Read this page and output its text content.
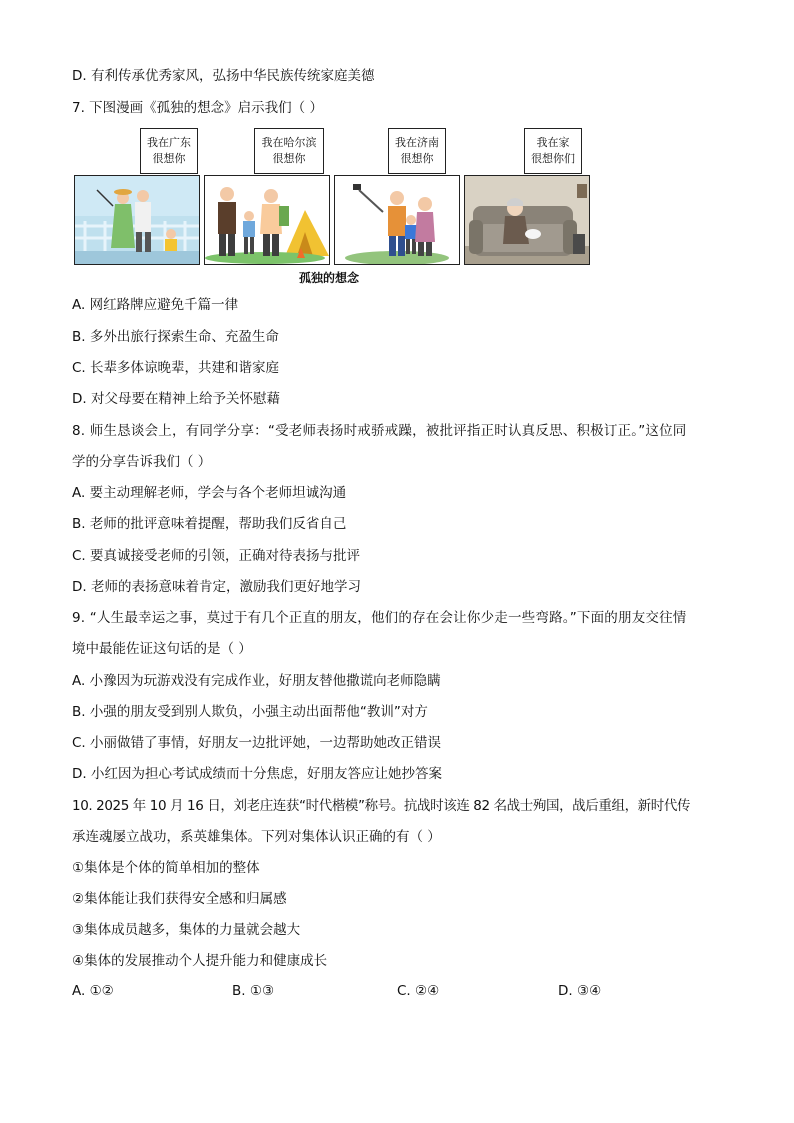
D. 有利传承优秀家风，弘扬中华民族传统家庭美德
7. 下图漫画《孤独的想念》启示我们（ ）
我在广东
很想你
我在哈尔滨
很想你
我在济南
很想你
我在家
很想你们
孤独的想念
A. 网红路牌应避免千篇一律
B. 多外出旅行探索生命、充盈生命
C. 长辈多体谅晚辈，共建和谐家庭
D. 对父母要在精神上给予关怀慰藉
8. 师生恳谈会上，有同学分享：“受老师表扬时戒骄戒躁，被批评指正时认真反思、积极订正。”这位同
学的分享告诉我们（ ）
A. 要主动理解老师，学会与各个老师坦诚沟通
B. 老师的批评意味着提醒，帮助我们反省自己
C. 要真诚接受老师的引领，正确对待表扬与批评
D. 老师的表扬意味着肯定，激励我们更好地学习
9. “人生最幸运之事，莫过于有几个正直的朋友，他们的存在会让你少走一些弯路。”下面的朋友交往情
境中最能佐证这句话的是（ ）
A. 小豫因为玩游戏没有完成作业，好朋友替他撒谎向老师隐瞒
B. 小强的朋友受到别人欺负，小强主动出面帮他“教训”对方
C. 小丽做错了事情，好朋友一边批评她，一边帮助她改正错误
D. 小红因为担心考试成绩而十分焦虑，好朋友答应让她抄答案
10. 2025 年 10 月 16 日，刘老庄连获“时代楷模”称号。抗战时该连 82 名战士殉国，战后重组，新时代传
承连魂屡立战功，系英雄集体。下列对集体认识正确的有（ ）
①集体是个体的简单相加的整体
②集体能让我们获得安全感和归属感
③集体成员越多，集体的力量就会越大
④集体的发展推动个人提升能力和健康成长
A. ①②	B. ①③	C. ②④	D. ③④
